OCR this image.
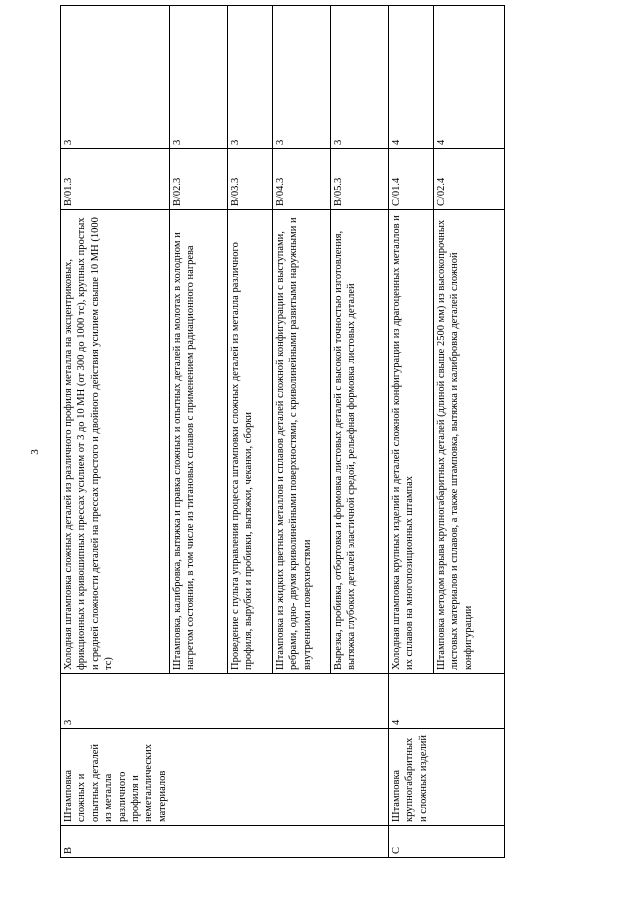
3
B	Штамповка сложных и опытных деталей из металла различного профиля и неметаллических материалов	3	Холодная штамповка сложных деталей из различного профиля металла на эксцентриковых, фрикционных и кривошипных прессах усилием от 3 до 10 МН (от 300 до 1000 тс), крупных простых и средней сложности деталей на прессах простого и двойного действия усилием свыше 10 МН (1000 тс)	B/01.3	3
			Штамповка, калибровка, вытяжка и правка сложных и опытных деталей на молотах в холодном и нагретом состоянии, в том числе из титановых сплавов с применением радиационного нагрева	B/02.3	3
			Проведение с пульта управления процесса штамповки сложных деталей из металла различного профиля, вырубки и пробивки, вытяжки, чеканки, сборки	B/03.3	3
			Штамповка из жидких цветных металлов и сплавов деталей сложной конфигурации с выступами, ребрами, одно- двумя криволинейными поверхностями, с криволинейными развитыми наружными и внутренними поверхностями	B/04.3	3
			Вырезка, пробивка, отбортовка и формовка листовых деталей с высокой точностью изготовления, вытяжка глубоких деталей эластичной средой, рельефная формовка листовых деталей	B/05.3	3
C	Штамповка крупногабаритных и сложных изделий	4	Холодная штамповка крупных изделий и деталей сложной конфигурации из драгоценных металлов и их сплавов на многопозиционных штампах	C/01.4	4
			Штамповка методом взрыва крупногабаритных деталей (длиной свыше 2500 мм) из высокопрочных листовых материалов и сплавов, а также штамповка, вытяжка и калибровка деталей сложной конфигурации	C/02.4	4
